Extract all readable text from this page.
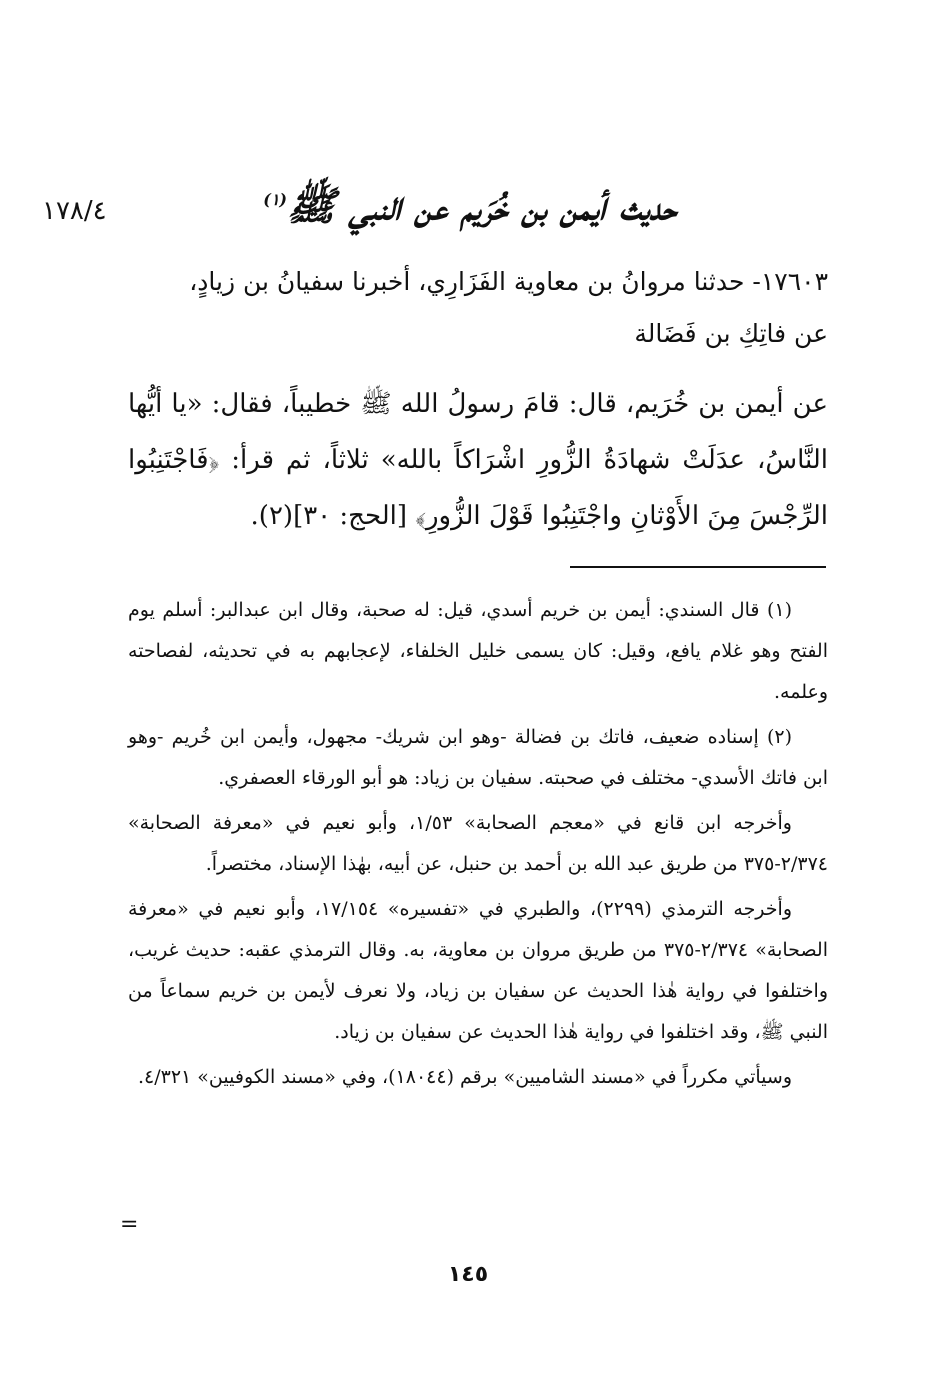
١٧٨/٤	حديث أيمن بن خُرَيم عن النبي ﷺ$^{(١)}$
١٧٦٠٣- حدثنا مروانُ بن معاوية الفَزَارِي، أخبرنا سفيانُ بن زيادٍ،
عن فاتِكِ بن فَضَالة
عن أيمن بن خُرَيم، قال: قامَ رسولُ الله ﷺ خطيباً، فقال: «يا أيُّها النَّاسُ، عدَلَتْ شهادَةُ الزُّورِ اشْرَاكاً بالله» ثلاثاً، ثم قرأ: ﴿فَاجْتَنِبُوا الرِّجْسَ مِنَ الأَوْثانِ واجْتَنِبُوا قَوْلَ الزُّورِ﴾ [الحج: ٣٠](٢).

(١) قال السندي: أيمن بن خريم أسدي، قيل: له صحبة، وقال ابن عبدالبر: أسلم يوم الفتح وهو غلام يافع، وقيل: كان يسمى خليل الخلفاء، لإعجابهم به في تحديثه، لفصاحته وعلمه.

(٢) إسناده ضعيف، فاتك بن فضالة -وهو ابن شريك- مجهول، وأيمن ابن خُريم -وهو ابن فاتك الأسدي- مختلف في صحبته. سفيان بن زياد: هو أبو الورقاء العصفري.

وأخرجه ابن قانع في «معجم الصحابة» ١/٥٣، وأبو نعيم في «معرفة الصحابة» ٢/٣٧٤-٣٧٥ من طريق عبد الله بن أحمد بن حنبل، عن أبيه، بهٰذا الإسناد، مختصراً.

وأخرجه الترمذي (٢٢٩٩)، والطبري في «تفسيره» ١٧/١٥٤، وأبو نعيم في «معرفة الصحابة» ٢/٣٧٤-٣٧٥ من طريق مروان بن معاوية، به. وقال الترمذي عقبه: حديث غريب، واختلفوا في رواية هٰذا الحديث عن سفيان بن زياد، ولا نعرف لأيمن بن خريم سماعاً من النبي ﷺ، وقد اختلفوا في رواية هٰذا الحديث عن سفيان بن زياد.

وسيأتي مكرراً في «مسند الشاميين» برقم (١٨٠٤٤)، وفي «مسند الكوفيين» ٤/٣٢١.

=
١٤٥
